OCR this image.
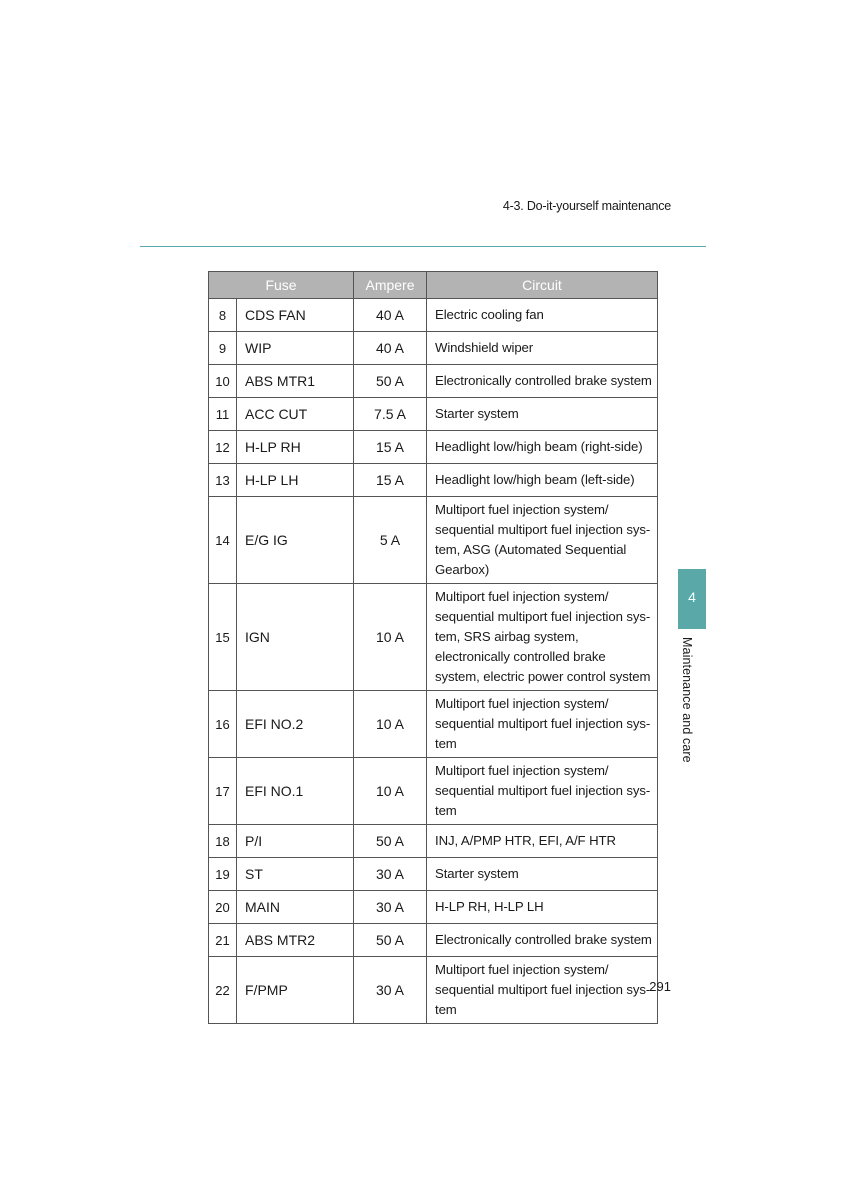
4-3. Do-it-yourself maintenance
Fuse		Ampere	Circuit
8	CDS FAN	40 A	Electric cooling fan
9	WIP	40 A	Windshield wiper
10	ABS MTR1	50 A	Electronically controlled brake system
11	ACC CUT	7.5 A	Starter system
12	H-LP RH	15 A	Headlight low/high beam (right-side)
13	H-LP LH	15 A	Headlight low/high beam (left-side)
14	E/G IG	5 A	Multiport fuel injection system/ sequential multiport fuel injection sys-tem, ASG (Automated Sequential Gearbox)
15	IGN	10 A	Multiport fuel injection system/ sequential multiport fuel injection sys-tem, SRS airbag system, electronically controlled brake system, electric power control system
16	EFI NO.2	10 A	Multiport fuel injection system/ sequential multiport fuel injection sys-tem
17	EFI NO.1	10 A	Multiport fuel injection system/ sequential multiport fuel injection sys-tem
18	P/I	50 A	INJ, A/PMP HTR, EFI, A/F HTR
19	ST	30 A	Starter system
20	MAIN	30 A	H-LP RH, H-LP LH
21	ABS MTR2	50 A	Electronically controlled brake system
22	F/PMP	30 A	Multiport fuel injection system/ sequential multiport fuel injection sys-tem
4
Maintenance and care
291
